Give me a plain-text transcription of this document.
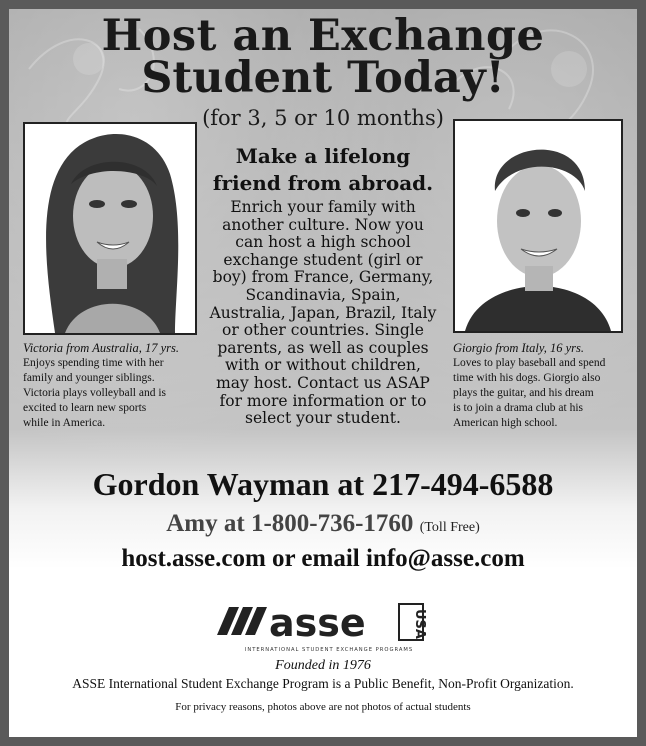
Host an Exchange
Student Today!
(for 3, 5 or 10 months)
Victoria from Australia, 17 yrs.
Enjoys spending time with her
family and younger siblings.
Victoria plays volleyball and is
excited to learn new sports
while in America.
Giorgio from Italy, 16 yrs.
Loves to play baseball and spend
time with his dogs. Giorgio also
plays the guitar, and his dream
is to join a drama club at his
American high school.
Make a lifelong
friend from abroad.
Enrich your family with
another culture. Now you
can host a high school
exchange student (girl or
boy) from France, Germany,
Scandinavia, Spain,
Australia, Japan, Brazil, Italy
or other countries. Single
parents, as well as couples
with or without children,
may host. Contact us ASAP
for more information or to
select your student.
Gordon Wayman at 217-494-6588
Amy at 1-800-736-1760 (Toll Free)
host.asse.com or email info@asse.com
asse	USA
INTERNATIONAL STUDENT EXCHANGE PROGRAMS
Founded in 1976
ASSE International Student Exchange Program is a Public Benefit, Non-Profit Organization.
For privacy reasons, photos above are not photos of actual students
